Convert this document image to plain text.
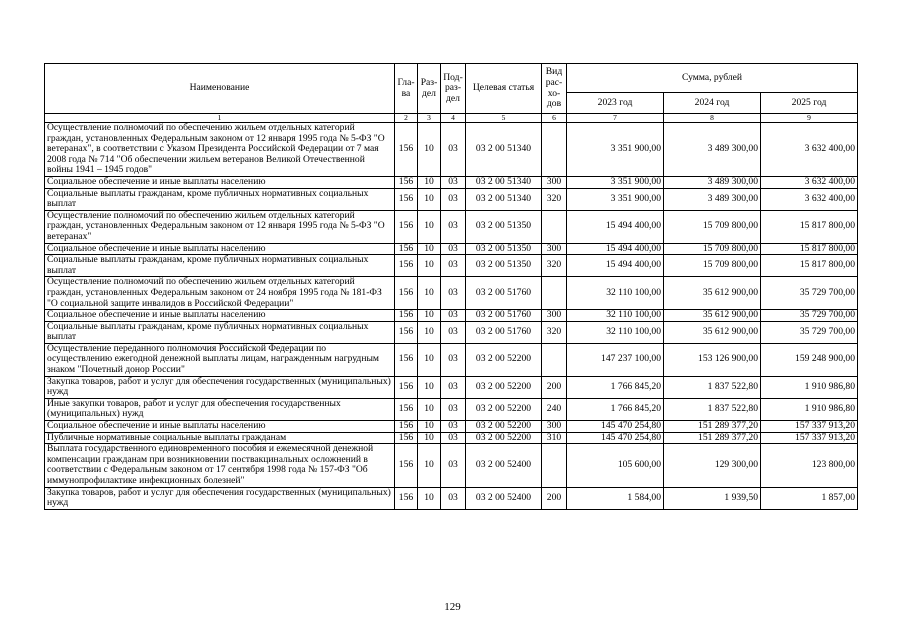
Наименование	Гла-ва	Раз-дел	Под-раз-дел	Целевая статья	Вид рас-хо-дов	Сумма, рублей		
						2023 год	2024 год	2025 год
1	2	3	4	5	6	7	8	9
Осуществление полномочий по обеспечению жильем отдельных категорий граждан, установленных Федеральным законом от 12 января 1995 года № 5-ФЗ "О ветеранах", в соответствии с Указом Президента Российской Федерации от 7 мая 2008 года № 714 "Об обеспечении жильем ветеранов Великой Отечественной войны 1941 – 1945 годов"	156	10	03	03 2 00 51340		3 351 900,00	3 489 300,00	3 632 400,00
Социальное обеспечение и иные выплаты населению	156	10	03	03 2 00 51340	300	3 351 900,00	3 489 300,00	3 632 400,00
Социальные выплаты гражданам, кроме публичных нормативных социальных выплат	156	10	03	03 2 00 51340	320	3 351 900,00	3 489 300,00	3 632 400,00
Осуществление полномочий по обеспечению жильем отдельных категорий граждан, установленных Федеральным законом от 12 января 1995 года № 5-ФЗ "О ветеранах"	156	10	03	03 2 00 51350		15 494 400,00	15 709 800,00	15 817 800,00
Социальное обеспечение и иные выплаты населению	156	10	03	03 2 00 51350	300	15 494 400,00	15 709 800,00	15 817 800,00
Социальные выплаты гражданам, кроме публичных нормативных социальных выплат	156	10	03	03 2 00 51350	320	15 494 400,00	15 709 800,00	15 817 800,00
Осуществление полномочий по обеспечению жильем отдельных категорий граждан, установленных Федеральным законом от 24 ноября 1995 года № 181-ФЗ "О социальной защите инвалидов в Российской Федерации"	156	10	03	03 2 00 51760		32 110 100,00	35 612 900,00	35 729 700,00
Социальное обеспечение и иные выплаты населению	156	10	03	03 2 00 51760	300	32 110 100,00	35 612 900,00	35 729 700,00
Социальные выплаты гражданам, кроме публичных нормативных социальных выплат	156	10	03	03 2 00 51760	320	32 110 100,00	35 612 900,00	35 729 700,00
Осуществление переданного полномочия Российской Федерации по осуществлению ежегодной денежной выплаты лицам, награжденным нагрудным знаком "Почетный донор России"	156	10	03	03 2 00 52200		147 237 100,00	153 126 900,00	159 248 900,00
Закупка товаров, работ и услуг для обеспечения государственных (муниципальных) нужд	156	10	03	03 2 00 52200	200	1 766 845,20	1 837 522,80	1 910 986,80
Иные закупки товаров, работ и услуг для обеспечения государственных (муниципальных) нужд	156	10	03	03 2 00 52200	240	1 766 845,20	1 837 522,80	1 910 986,80
Социальное обеспечение и иные выплаты населению	156	10	03	03 2 00 52200	300	145 470 254,80	151 289 377,20	157 337 913,20
Публичные нормативные социальные выплаты гражданам	156	10	03	03 2 00 52200	310	145 470 254,80	151 289 377,20	157 337 913,20
Выплата государственного единовременного пособия и ежемесячной денежной компенсации гражданам при возникновении поствакцинальных осложнений в соответствии с Федеральным законом от 17 сентября 1998 года № 157-ФЗ "Об иммунопрофилактике инфекционных болезней"	156	10	03	03 2 00 52400		105 600,00	129 300,00	123 800,00
Закупка товаров, работ и услуг для обеспечения государственных (муниципальных) нужд	156	10	03	03 2 00 52400	200	1 584,00	1 939,50	1 857,00
129
